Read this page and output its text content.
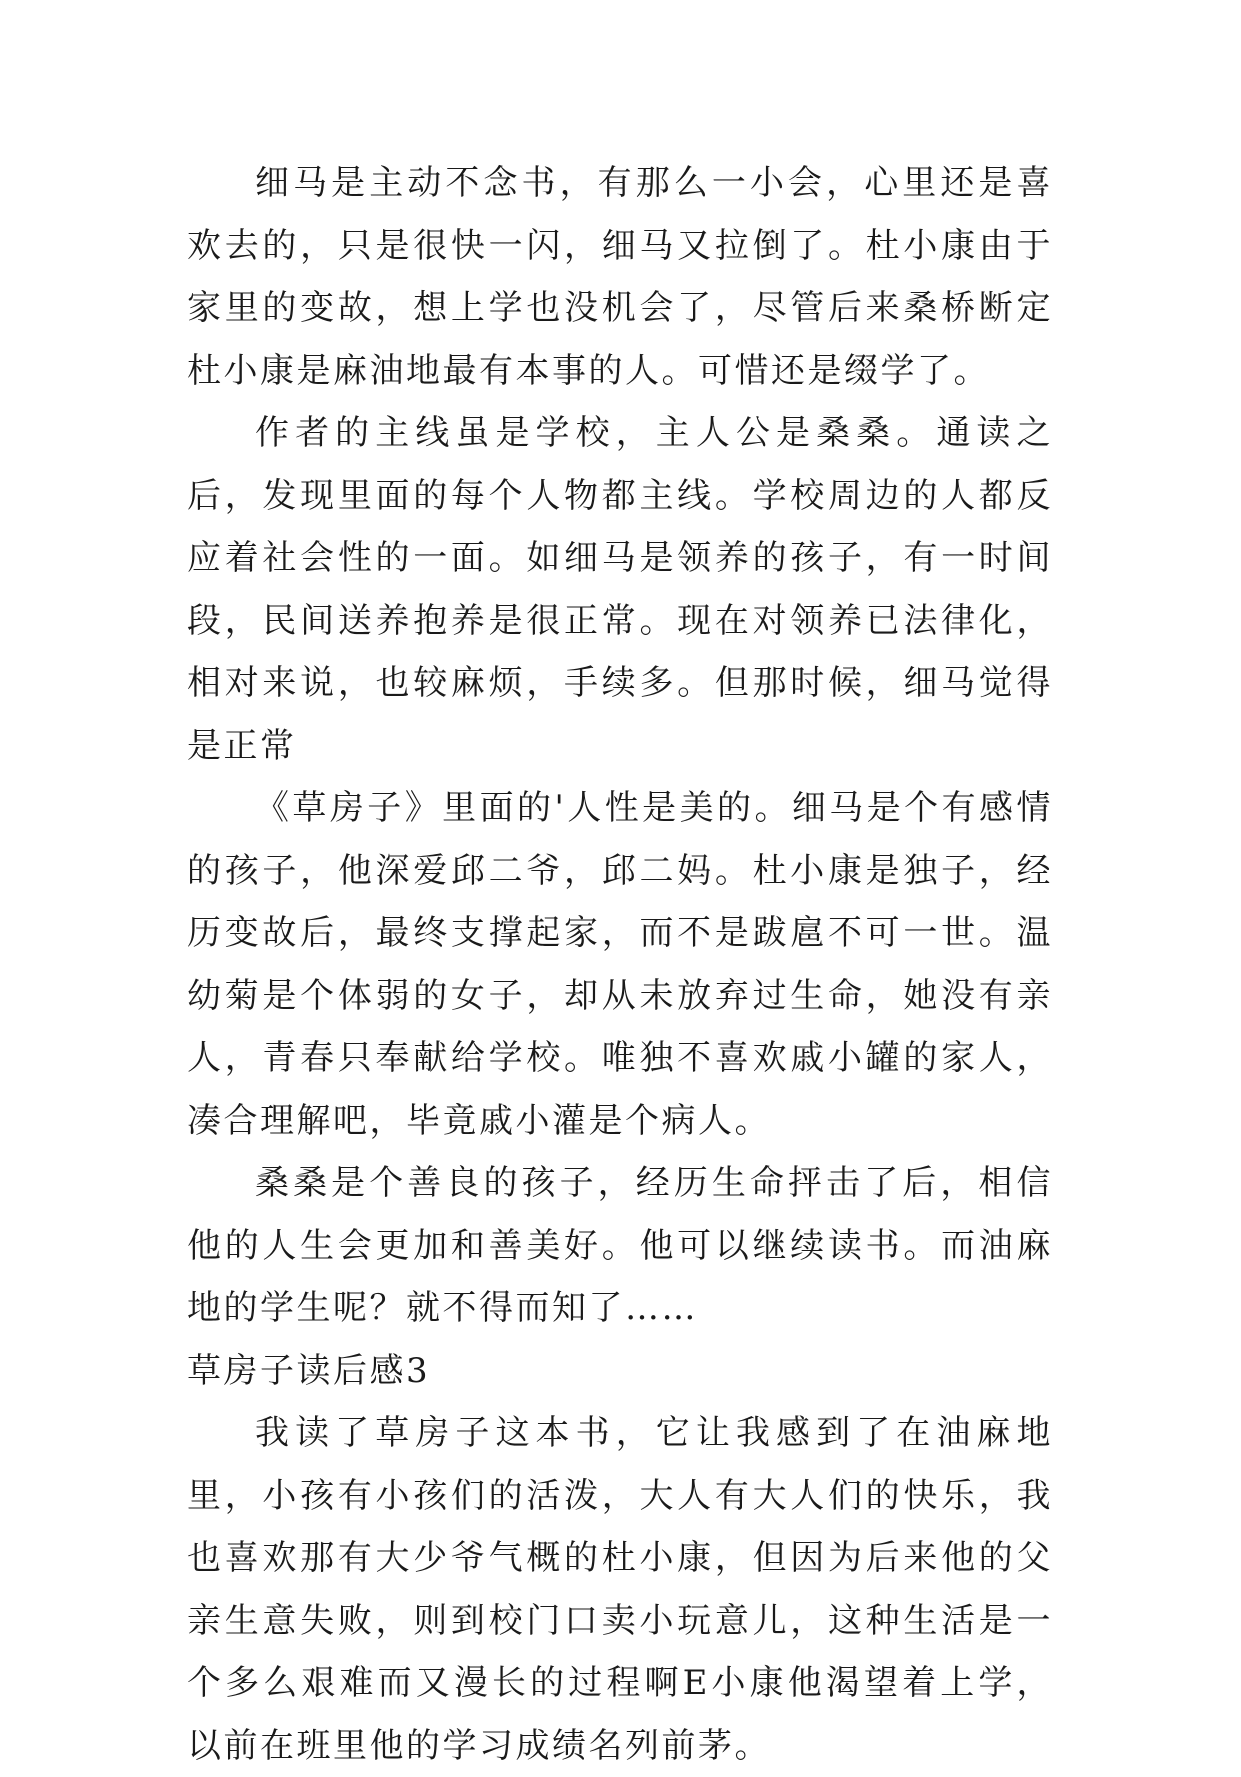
细马是主动不念书，有那么一小会，心里还是喜欢去的，只是很快一闪，细马又拉倒了。杜小康由于家里的变故，想上学也没机会了，尽管后来桑桥断定杜小康是麻油地最有本事的人。可惜还是缀学了。

作者的主线虽是学校，主人公是桑桑。通读之后，发现里面的每个人物都主线。学校周边的人都反应着社会性的一面。如细马是领养的孩子，有一时间段，民间送养抱养是很正常。现在对领养已法律化，相对来说，也较麻烦，手续多。但那时候，细马觉得是正常

《草房子》里面的'人性是美的。细马是个有感情的孩子，他深爱邱二爷，邱二妈。杜小康是独子，经历变故后，最终支撑起家，而不是跋扈不可一世。温幼菊是个体弱的女子，却从未放弃过生命，她没有亲人，青春只奉献给学校。唯独不喜欢戚小罐的家人，凑合理解吧，毕竟戚小灌是个病人。

桑桑是个善良的孩子，经历生命抨击了后，相信他的人生会更加和善美好。他可以继续读书。而油麻地的学生呢？就不得而知了……

草房子读后感3

我读了草房子这本书，它让我感到了在油麻地里，小孩有小孩们的活泼，大人有大人们的快乐，我也喜欢那有大少爷气概的杜小康，但因为后来他的父亲生意失败，则到校门口卖小玩意儿，这种生活是一个多么艰难而又漫长的过程啊E小康他渴望着上学，以前在班里他的学习成绩名列前茅。
